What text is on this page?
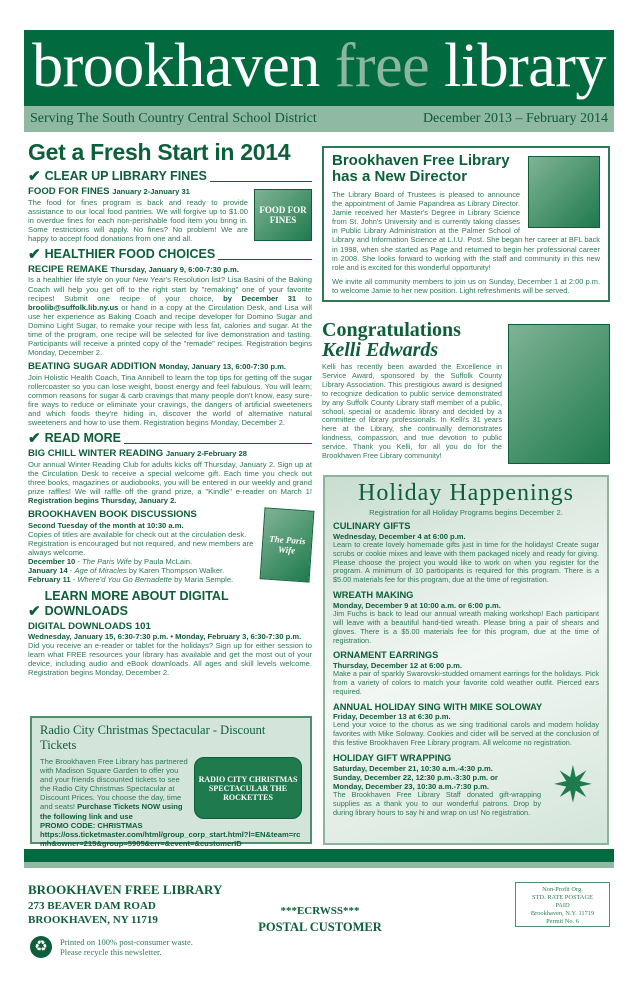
brookhaven free library
Serving The South Country Central School District	December 2013 – February 2014
Get a Fresh Start in 2014
✔ CLEAR UP LIBRARY FINES
FOOD FOR FINES January 2-January 31

The food for fines program is back and ready to provide assistance to our local food pantries. We will forgive up to $1.00 in overdue fines for each non-perishable food item you bring in. Some restrictions will apply. No fines? No problem! We are happy to accept food donations from one and all.

FOOD FOR FINES
✔ HEALTHIER FOOD CHOICES
RECIPE REMAKE Thursday, January 9, 6:00-7:30 p.m.

Is a healthier life style on your New Year's Resolution list? Lisa Basini of the Baking Coach will help you get off to the right start by "remaking" one of your favorite recipes! Submit one recipe of your choice, by December 31 to broolib@suffolk.lib.ny.us or hand in a copy at the Circulation Desk, and Lisa will use her experience as Baking Coach and recipe developer for Domino Sugar and Domino Light Sugar, to remake your recipe with less fat, calories and sugar. At the time of the program, one recipe will be selected for live demonstration and tasting. Participants will receive a printed copy of the "remade" recipes. Registration begins Monday, December 2.

BEATING SUGAR ADDITION Monday, January 13, 6:00-7:30 p.m.

Join Holistic Health Coach, Tina Annibell to learn the top tips for getting off the sugar rollercoaster so you can lose weight, boost energy and feel fabulous. You will learn; common reasons for sugar & carb cravings that many people don't know, easy sure-fire ways to reduce or eliminate your cravings, the dangers of artificial sweeteners and which foods they're hiding in, discover the world of alternative natural sweeteners and how to use them. Registration begins Monday, December 2.

✔ READ MORE
BIG CHILL WINTER READING January 2-February 28

Our annual Winter Reading Club for adults kicks off Thursday, January 2. Sign up at the Circulation Desk to receive a special welcome gift. Each time you check out three books, magazines or audiobooks, you will be entered in our weekly and grand prize raffles! We will raffle off the grand prize, a "Kindle" e-reader on March 1! Registration begins Thursday, January 2.

BROOKHAVEN BOOK DISCUSSIONS
Second Tuesday of the month at 10:30 a.m.

Copies of titles are available for check out at the circulation desk. Registration is encouraged but not required, and new members are always welcome.

December 10 - The Paris Wife by Paula McLain.
January 14 - Age of Miracles by Karen Thompson Walker.
February 11 - Where'd You Go Bernadette by Maria Semple.
The Paris Wife
✔
LEARN MORE ABOUT DIGITAL DOWNLOADS
DIGITAL DOWNLOADS 101
Wednesday, January 15, 6:30-7:30 p.m. • Monday, February 3, 6:30-7:30 p.m.

Did you receive an e-reader or tablet for the holidays? Sign up for either session to learn what FREE resources your library has available and get the most out of your device, including audio and eBook downloads. All ages and skill levels welcome. Registration begins Monday, December 2.

Radio City Christmas Spectacular - Discount Tickets

The Brookhaven Free Library has partnered with Madison Square Garden to offer you and your friends discounted tickets to see the Radio City Christmas Spectacular at Discount Prices. You choose the day, time and seats! Purchase Tickets NOW using the following link and use
PROMO CODE: CHRISTMAS

RADIO CITY CHRISTMAS SPECTACULAR THE ROCKETTES
https://oss.ticketmaster.com/html/group_corp_start.html?l=EN&team=rcmh&owner=215&group=5905&err=&event=&customerID
Brookhaven Free Library has a New Director

The Library Board of Trustees is pleased to announce the appointment of Jamie Papandrea as Library Director. Jamie received her Master's Degree in Library Science from St. John's University and is currently taking classes in Public Library Administration at the Palmer School of Library and Information Science at L.I.U. Post. She began her career at BFL back in 1998, when she started as Page and returned to begin her professional career in 2008. She looks forward to working with the staff and community in this new role and is excited for this wonderful opportunity!

We invite all community members to join us on Sunday, December 1 at 2:00 p.m. to welcome Jamie to her new position. Light refreshments will be served.

Congratulations
Kelli Edwards

Kelli has recently been awarded the Excellence in Service Award, sponsored by the Suffolk County Library Association. This prestigious award is designed to recognize dedication to public service demonstrated by any Suffolk County Library staff member of a public, school, special or academic library and decided by a committee of library professionals. In Kelli's 31 years here at the Library, she continually demonstrates kindness, compassion, and true devotion to public service. Thank you Kelli, for all you do for the Brookhaven Free Library community!

Holiday Happenings
Registration for all Holiday Programs begins December 2.
CULINARY GIFTS
Wednesday, December 4 at 6:00 p.m.

Learn to create lovely homemade gifts just in time for the holidays! Create sugar scrubs or cookie mixes and leave with them packaged nicely and ready for giving. Please choose the project you would like to work on when you register for the program. A minimum of 10 participants is required for this program. There is a $5.00 materials fee for this program, due at the time of registration.

WREATH MAKING
Monday, December 9 at 10:00 a.m. or 6:00 p.m.

Jim Fuchs is back to lead our annual wreath making workshop! Each participant will leave with a beautiful hand-tied wreath. Please bring a pair of shears and gloves. There is a $5.00 materials fee for this program, due at the time of registration.

ORNAMENT EARRINGS
Thursday, December 12 at 6:00 p.m.

Make a pair of sparkly Swarovski-studded ornament earrings for the holidays. Pick from a variety of colors to match your favorite cold weather outfit. Pierced ears required.

ANNUAL HOLIDAY SING WITH MIKE SOLOWAY
Friday, December 13 at 6:30 p.m.

Lend your voice to the chorus as we sing traditional carols and modern holiday favorites with Mike Soloway. Cookies and cider will be served at the conclusion of this festive Brookhaven Free Library program. All welcome no registration.

HOLIDAY GIFT WRAPPING
Saturday, December 21, 10:30 a.m.-4:30 p.m.
Sunday, December 22, 12:30 p.m.-3:30 p.m. or
Monday, December 23, 10:30 a.m.-7:30 p.m.

The Brookhaven Free Library Staff donated gift-wrapping supplies as a thank you to our wonderful patrons. Drop by during library hours to say hi and wrap on us! No registration. ✷
BROOKHAVEN FREE LIBRARY
273 BEAVER DAM ROAD
BROOKHAVEN, NY 11719
♻	Printed on 100% post-consumer waste.
Please recycle this newsletter.
***ECRWSS***
POSTAL CUSTOMER
Non-Profit Org.
STD. RATE POSTAGE
PAID
Brookhaven, N.Y. 11719
Permit No. 6
